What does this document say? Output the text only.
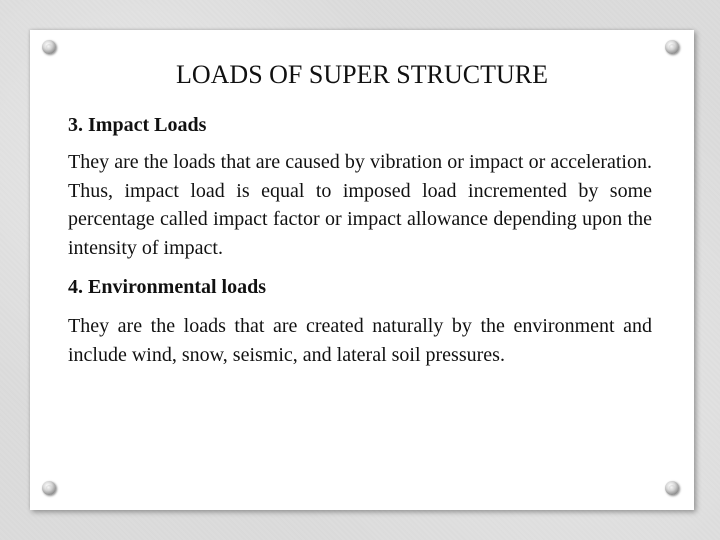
LOADS OF SUPER STRUCTURE
3. Impact Loads
They are the loads that are caused by vibration or impact or acceleration. Thus, impact load is equal to imposed load incremented by some percentage called impact factor or impact allowance depending upon the intensity of impact.
4. Environmental loads
They are the loads that are created naturally by the environment and include wind, snow, seismic, and lateral soil pressures.
